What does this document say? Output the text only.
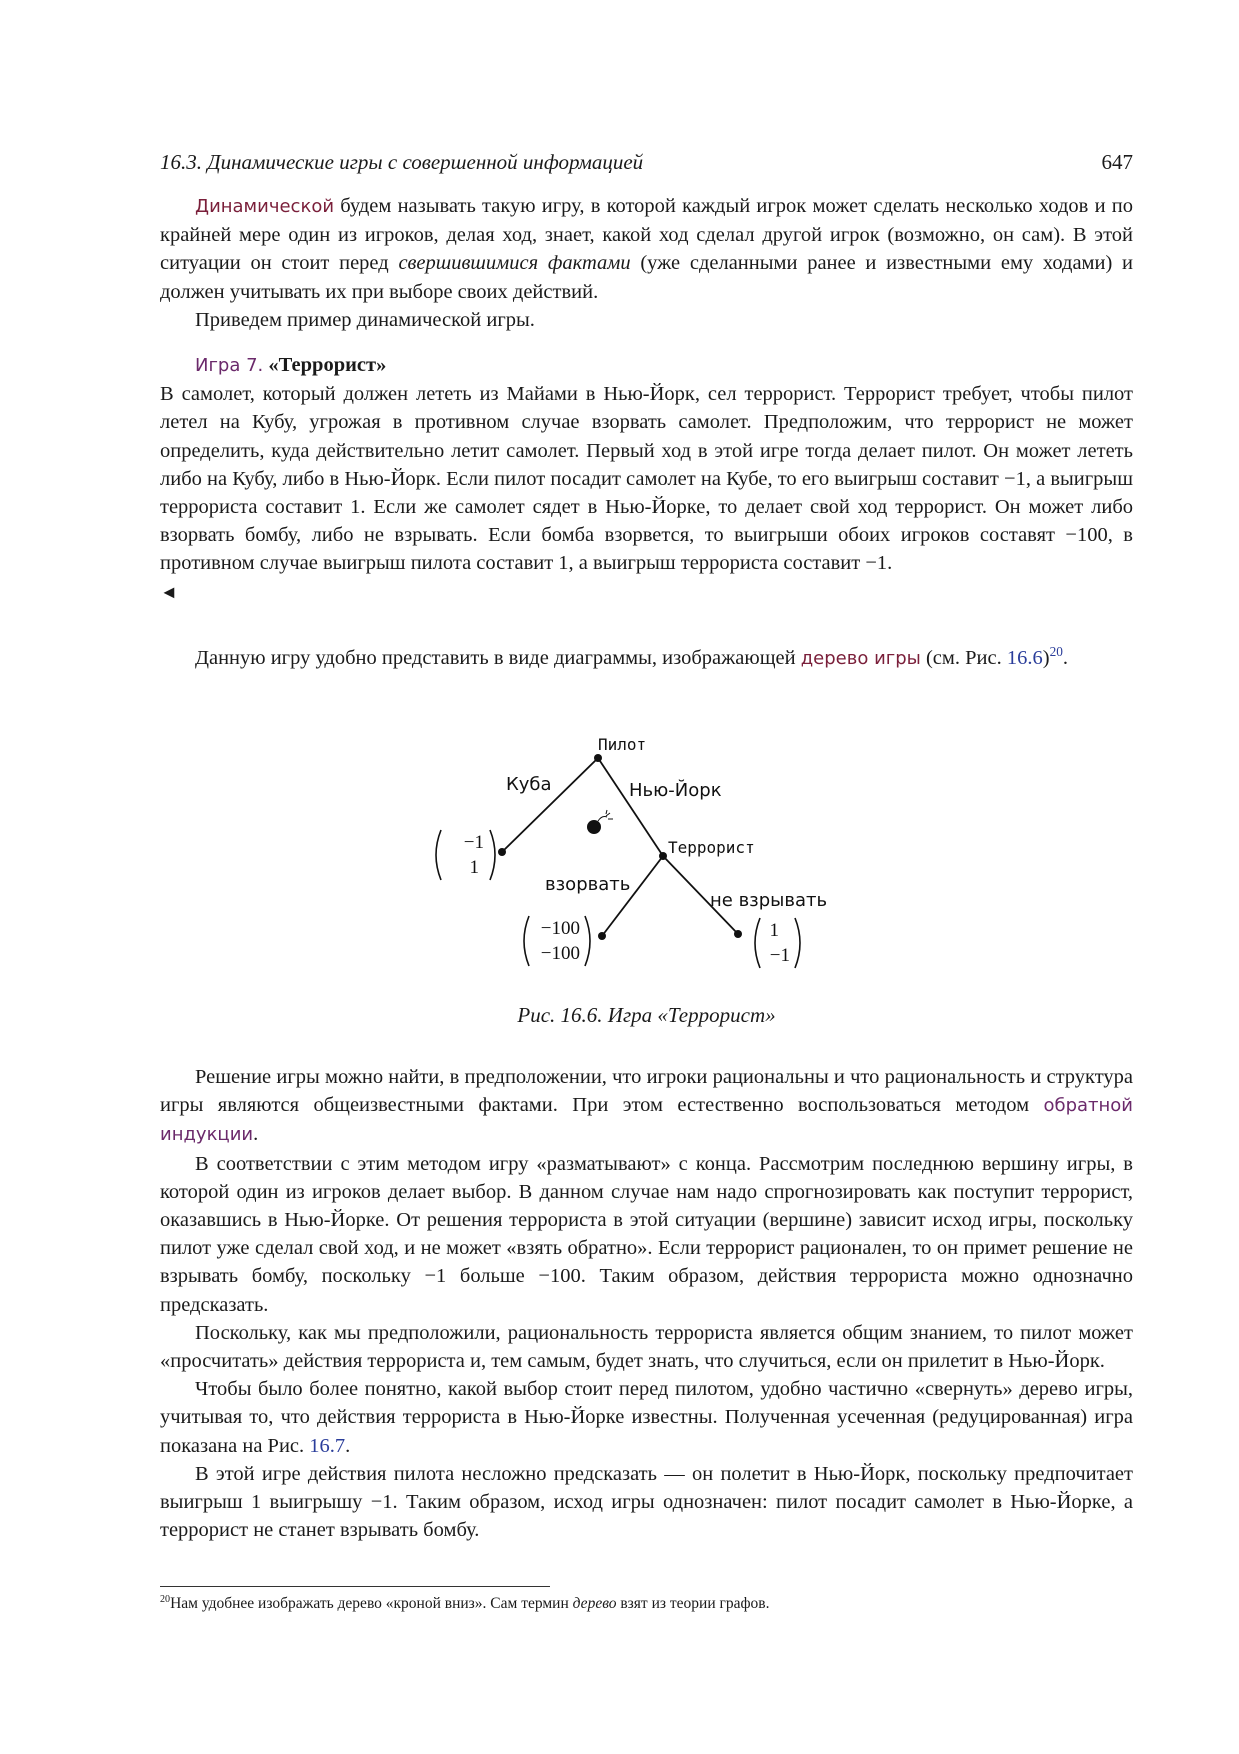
16.3. Динамические игры с совершенной информацией	647

Динамической будем называть такую игру, в которой каждый игрок может сделать несколько ходов и по крайней мере один из игроков, делая ход, знает, какой ход сделал другой игрок (возможно, он сам). В этой ситуации он стоит перед свершившимися фактами (уже сделанными ранее и известными ему ходами) и должен учитывать их при выборе своих действий.

Приведем пример динамической игры.

Игра 7. «Террорист»

В самолет, который должен лететь из Майами в Нью-Йорк, сел террорист. Террорист требует, чтобы пилот летел на Кубу, угрожая в противном случае взорвать самолет. Предположим, что террорист не может определить, куда действительно летит самолет. Первый ход в этой игре тогда делает пилот. Он может лететь либо на Кубу, либо в Нью-Йорк. Если пилот посадит самолет на Кубе, то его выигрыш составит −1, а выигрыш террориста составит 1. Если же самолет сядет в Нью-Йорке, то делает свой ход террорист. Он может либо взорвать бомбу, либо не взрывать. Если бомба взорвется, то выигрыши обоих игроков составят −100, в противном случае выигрыш пилота составит 1, а выигрыш террориста составит −1.

◄

Данную игру удобно представить в виде диаграммы, изображающей дерево игры (см. Рис. 16.6)$^{20}$.

Пилот
Куба	Нью-Йорк
Террорист
взорвать
не взрывать
−1
1
−100
−100
1
−1
Рис. 16.6. Игра «Террорист»

Решение игры можно найти, в предположении, что игроки рациональны и что рациональность и структура игры являются общеизвестными фактами. При этом естественно воспользоваться методом обратной индукции.

В соответствии с этим методом игру «разматывают» с конца. Рассмотрим последнюю вершину игры, в которой один из игроков делает выбор. В данном случае нам надо спрогнозировать как поступит террорист, оказавшись в Нью-Йорке. От решения террориста в этой ситуации (вершине) зависит исход игры, поскольку пилот уже сделал свой ход, и не может «взять обратно». Если террорист рационален, то он примет решение не взрывать бомбу, поскольку −1 больше −100. Таким образом, действия террориста можно однозначно предсказать.

Поскольку, как мы предположили, рациональность террориста является общим знанием, то пилот может «просчитать» действия террориста и, тем самым, будет знать, что случиться, если он прилетит в Нью-Йорк.

Чтобы было более понятно, какой выбор стоит перед пилотом, удобно частично «свернуть» дерево игры, учитывая то, что действия террориста в Нью-Йорке известны. Полученная усеченная (редуцированная) игра показана на Рис. 16.7.

В этой игре действия пилота несложно предсказать — он полетит в Нью-Йорк, поскольку предпочитает выигрыш 1 выигрышу −1. Таким образом, исход игры однозначен: пилот посадит самолет в Нью-Йорке, а террорист не станет взрывать бомбу.

$^{20}$Нам удобнее изображать дерево «кроной вниз». Сам термин дерево взят из теории графов.
